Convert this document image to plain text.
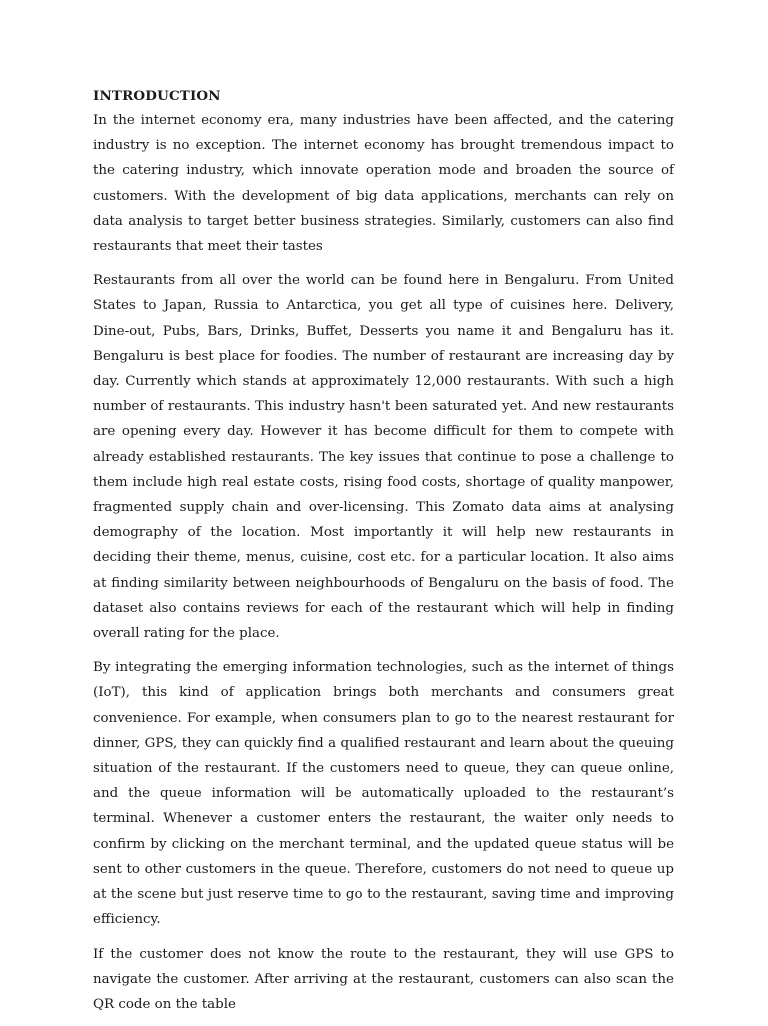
INTRODUCTION

In the internet economy era, many industries have been affected, and the catering industry is no exception. The internet economy has brought tremendous impact to the catering industry, which innovate operation mode and broaden the source of customers. With the development of big data applications, merchants can rely on data analysis to target better business strategies. Similarly, customers can also find restaurants that meet their tastes

Restaurants from all over the world can be found here in Bengaluru. From United States to Japan, Russia to Antarctica, you get all type of cuisines here. Delivery, Dine-out, Pubs, Bars, Drinks, Buffet, Desserts you name it and Bengaluru has it. Bengaluru is best place for foodies. The number of restaurant are increasing day by day. Currently which stands at approximately 12,000 restaurants. With such a high number of restaurants. This industry hasn't been saturated yet. And new restaurants are opening every day. However it has become difficult for them to compete with already established restaurants. The key issues that continue to pose a challenge to them include high real estate costs, rising food costs, shortage of quality manpower, fragmented supply chain and over-licensing. This Zomato data aims at analysing demography of the location. Most importantly it will help new restaurants in deciding their theme, menus, cuisine, cost etc. for a particular location. It also aims at finding similarity between neighbourhoods of Bengaluru on the basis of food. The dataset also contains reviews for each of the restaurant which will help in finding overall rating for the place.

By integrating the emerging information technologies, such as the internet of things (IoT), this kind of application brings both merchants and consumers great convenience. For example, when consumers plan to go to the nearest restaurant for dinner, GPS, they can quickly find a qualified restaurant and learn about the queuing situation of the restaurant. If the customers need to queue, they can queue online, and the queue information will be automatically uploaded to the restaurant’s terminal. Whenever a customer enters the restaurant, the waiter only needs to confirm by clicking on the merchant terminal, and the updated queue status will be sent to other customers in the queue. Therefore, customers do not need to queue up at the scene but just reserve time to go to the restaurant, saving time and improving efficiency.

If the customer does not know the route to the restaurant, they will use GPS to navigate the customer. After arriving at the restaurant, customers can also scan the QR code on the table
